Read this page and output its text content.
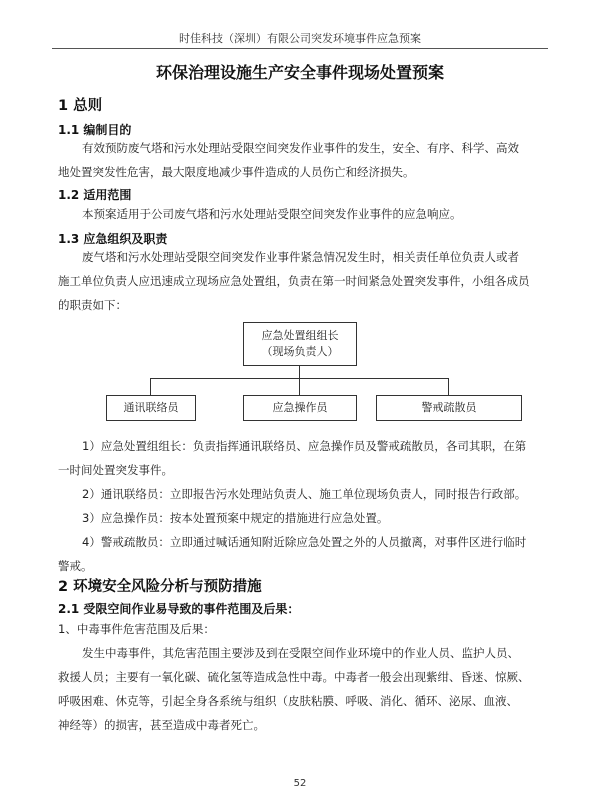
时佳科技（深圳）有限公司突发环境事件应急预案
环保治理设施生产安全事件现场处置预案
1 总则
1.1 编制目的
有效预防废气塔和污水处理站受限空间突发作业事件的发生，安全、有序、科学、高效
地处置突发性危害，最大限度地减少事件造成的人员伤亡和经济损失。
1.2 适用范围
本预案适用于公司废气塔和污水处理站受限空间突发作业事件的应急响应。
1.3 应急组织及职责
废气塔和污水处理站受限空间突发作业事件紧急情况发生时，相关责任单位负责人或者
施工单位负责人应迅速成立现场应急处置组，负责在第一时间紧急处置突发事件，小组各成员
的职责如下：
应急处置组组长
（现场负责人）
通讯联络员	应急操作员	警戒疏散员
1）应急处置组组长：负责指挥通讯联络员、应急操作员及警戒疏散员，各司其职，在第
一时间处置突发事件。
2）通讯联络员：立即报告污水处理站负责人、施工单位现场负责人，同时报告行政部。
3）应急操作员：按本处置预案中规定的措施进行应急处置。
4）警戒疏散员：立即通过喊话通知附近除应急处置之外的人员撤离，对事件区进行临时
警戒。
2 环境安全风险分析与预防措施
2.1 受限空间作业易导致的事件范围及后果：
1、中毒事件危害范围及后果：
发生中毒事件，其危害范围主要涉及到在受限空间作业环境中的作业人员、监护人员、
救援人员；主要有一氧化碳、硫化氢等造成急性中毒。中毒者一般会出现紫绀、昏迷、惊厥、
呼吸困难、休克等，引起全身各系统与组织（皮肤粘膜、呼吸、消化、循环、泌尿、血液、
神经等）的损害，甚至造成中毒者死亡。
52
